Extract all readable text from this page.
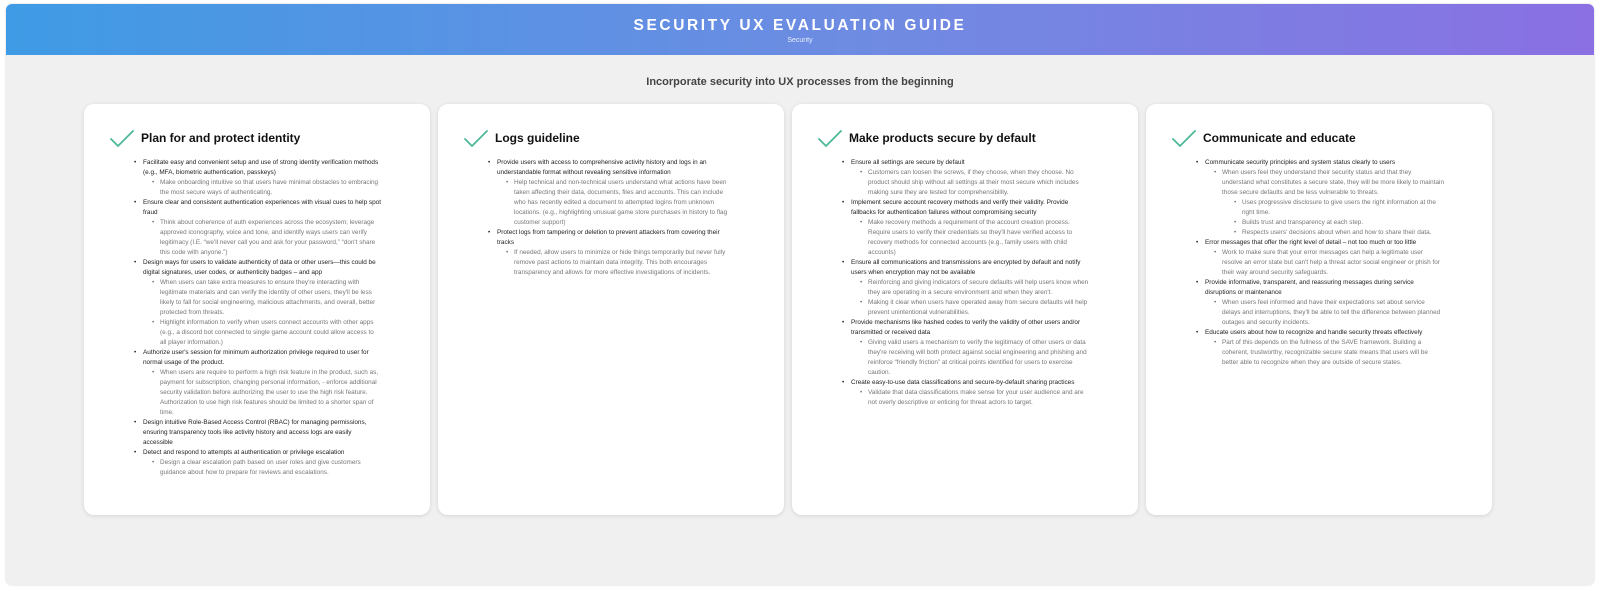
SECURITY UX EVALUATION GUIDE
Security
Incorporate security into UX processes from the beginning
Plan for and protect identity
• Facilitate easy and convenient setup and use of strong identity verification methods (e.g., MFA, biometric authentication, passkeys)
• Make onboarding intuitive so that users have minimal obstacles to embracing the most secure ways of authenticating.
• Ensure clear and consistent authentication experiences with visual cues to help spot fraud
• Think about coherence of auth experiences across the ecosystem; leverage approved iconography, voice and tone, and identify ways users can verify legitimacy (I.E. “we'll never call you and ask for your password,” “don't share this code with anyone.”)
• Design ways for users to validate authenticity of data or other users—this could be digital signatures, user codes, or authenticity badges – and app
• When users can take extra measures to ensure they're interacting with legitimate materials and can verify the identity of other users, they'll be less likely to fall for social engineering, malicious attachments, and overall, better protected from threats.
• Highlight information to verify when users connect accounts with other apps (e.g., a discord bot connected to single game account could allow access to all player information.)
• Authorize user's session for minimum authorization privilege required to user for normal usage of the product.
• When users are require to perform a high risk feature in the product, such as, payment for subscription, changing personal information, - enforce additional security validation before authorizing the user to use the high risk feature. Authorization to use high risk features should be limited to a shorter span of time.
• Design intuitive Role-Based Access Control (RBAC) for managing permissions, ensuring transparency tools like activity history and access logs are easily accessible
• Detect and respond to attempts at authentication or privilege escalation
• Design a clear escalation path based on user roles and give customers guidance about how to prepare for reviews and escalations.
Logs guideline
• Provide users with access to comprehensive activity history and logs in an understandable format without revealing sensitive information
• Help technical and non-technical users understand what actions have been taken affecting their data, documents, files and accounts. This can include who has recently edited a document to attempted logins from unknown locations. (e.g., highlighting unusual game store purchases in history to flag customer support)
• Protect logs from tampering or deletion to prevent attackers from covering their tracks
• If needed, allow users to minimize or hide things temporarily but never fully remove past actions to maintain data integrity. This both encourages transparency and allows for more effective investigations of incidents.
Make products secure by default
• Ensure all settings are secure by default
• Customers can loosen the screws, if they choose, when they choose. No product should ship without all settings at their most secure which includes making sure they are tested for comprehensibility.
• Implement secure account recovery methods and verify their validity. Provide fallbacks for authentication failures without compromising security
• Make recovery methods a requirement of the account creation process. Require users to verify their credentials so they'll have verified access to recovery methods for connected accounts (e.g., family users with child accounts)
• Ensure all communications and transmissions are encrypted by default and notify users when encryption may not be available
• Reinforcing and giving indicators of secure defaults will help users know when they are operating in a secure environment and when they aren't.
• Making it clear when users have operated away from secure defaults will help prevent unintentional vulnerabilities.
• Provide mechanisms like hashed codes to verify the validity of other users and/or transmitted or received data
• Giving valid users a mechanism to verify the legitimacy of other users or data they're receiving will both protect against social engineering and phishing and reinforce “friendly friction” at critical points identified for users to exercise caution.
• Create easy-to-use data classifications and secure-by-default sharing practices
• Validate that data classifications make sense for your user audience and are not overly descriptive or enticing for threat actors to target.
Communicate and educate
• Communicate security principles and system status clearly to users
• When users feel they understand their security status and that they understand what constitutes a secure state, they will be more likely to maintain those secure defaults and be less vulnerable to threats.
• Uses progressive disclosure to give users the right information at the right time.
• Builds trust and transparency at each step.
• Respects users' decisions about when and how to share their data.
• Error messages that offer the right level of detail – not too much or too little
• Work to make sure that your error messages can help a legitimate user resolve an error state but can't help a threat actor social engineer or phish for their way around security safeguards.
• Provide informative, transparent, and reassuring messages during service disruptions or maintenance
• When users feel informed and have their expectations set about service delays and interruptions, they'll be able to tell the difference between planned outages and security incidents.
• Educate users about how to recognize and handle security threats effectively
• Part of this depends on the fullness of the SAVE framework. Building a coherent, trustworthy, recognizable secure state means that users will be better able to recognize when they are outside of secure states.
